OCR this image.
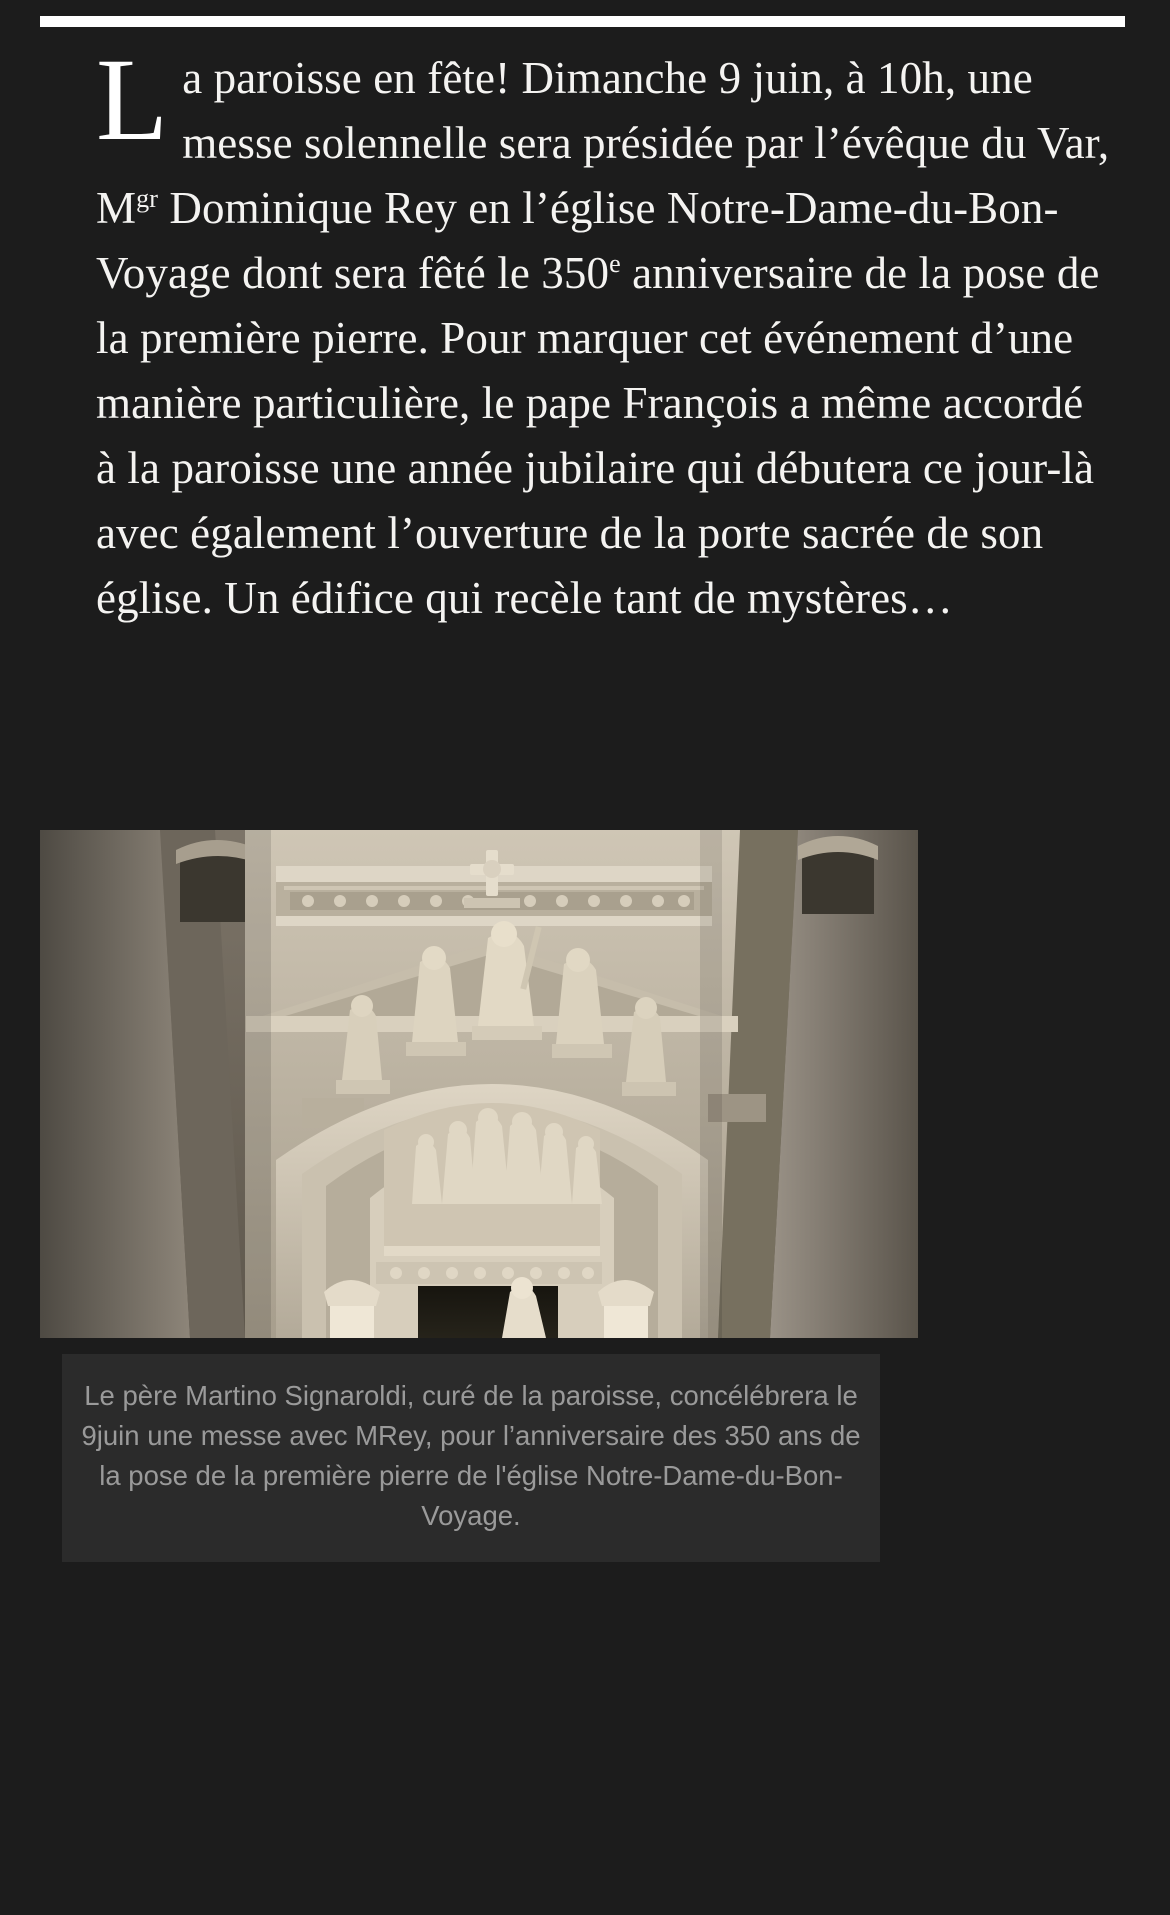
La paroisse en fête! Dimanche 9 juin, à 10h, une messe solennelle sera présidée par l’évêque du Var, $M^{gr}$ Dominique Rey en l’église Notre-Dame-du-Bon-Voyage dont sera fêté le 350e anniversaire de la pose de la première pierre. Pour marquer cet événement d’une manière particulière, le pape François a même accordé à la paroisse une année jubilaire qui débutera ce jour-là avec également l’ouverture de la porte sacrée de son église. Un édifice qui recèle tant de mystères…

Le père Martino Signaroldi, curé de la paroisse, concélébrera le 9juin une messe avec MRey, pour l’anniversaire des 350 ans de la pose de la première pierre de l'église Notre-Dame-du-Bon-Voyage.
